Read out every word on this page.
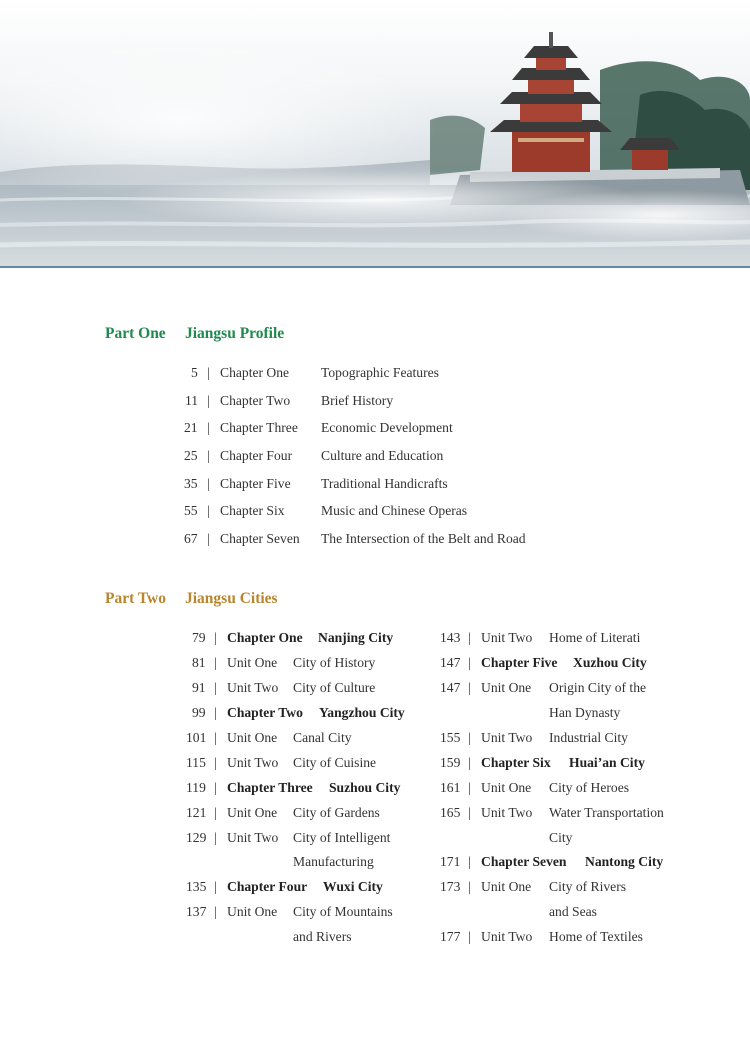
Part One Jiangsu Profile
5 | Chapter One Topographic Features
11 | Chapter Two Brief History
21 | Chapter Three Economic Development
25 | Chapter Four Culture and Education
35 | Chapter Five Traditional Handicrafts
55 | Chapter Six	Music and Chinese Operas
67 | Chapter Seven The Intersection of the Belt and Road
Part Two Jiangsu Cities
79 | Chapter One Nanjing City
81 | Unit One City of History
91 | Unit Two City of Culture
99 | Chapter Two Yangzhou City
101 | Unit One Canal City
115 | Unit Two City of Cuisine
119 | Chapter Three Suzhou City
121 | Unit One City of Gardens
129 | Unit Two City of Intelligent
Manufacturing
135 | Chapter Four Wuxi City
137 | Unit One City of Mountains
and Rivers
143 | Unit Two Home of Literati
147 | Chapter Five Xuzhou City
147 | Unit One Origin City of the
Han Dynasty
155 | Unit Two Industrial City
159 | Chapter Six Huai’an City
161 | Unit One City of Heroes
165 | Unit Two Water Transportation
City
171 | Chapter Seven Nantong City
173 | Unit One City of Rivers
and Seas
177 | Unit Two Home of Textiles
